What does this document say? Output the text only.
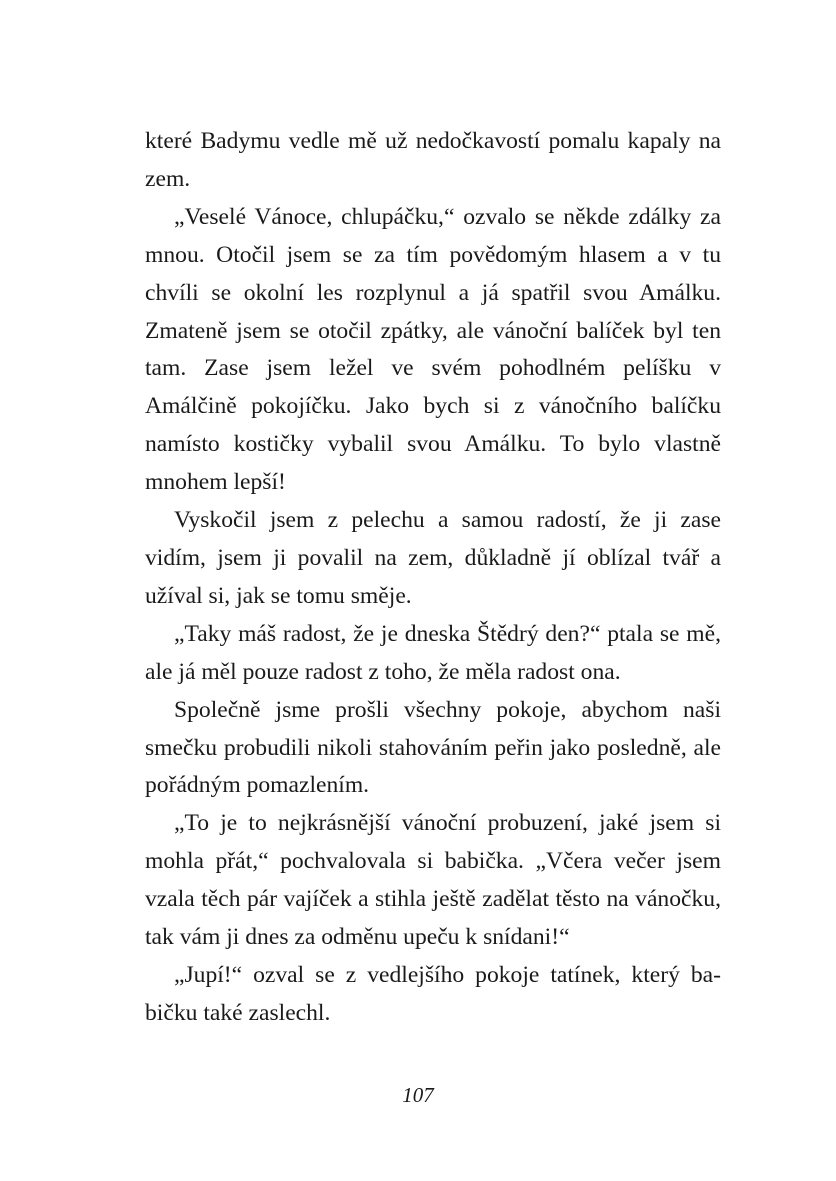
které Badymu vedle mě už nedočkavostí pomalu kapaly na zem.

„Veselé Vánoce, chlupáčku,“ ozvalo se někde zdálky za mnou. Otočil jsem se za tím povědomým hlasem a v tu chvíli se okolní les rozplynul a já spatřil svou Amálku. Zmateně jsem se otočil zpátky, ale vánoční balíček byl ten tam. Zase jsem ležel ve svém pohodlném pelíšku v Amálčině pokojíčku. Jako bych si z vánočního balíčku namísto kostičky vybalil svou Amálku. To bylo vlastně mnohem lepší!

Vyskočil jsem z pelechu a samou radostí, že ji zase vidím, jsem ji povalil na zem, důkladně jí oblízal tvář a užíval si, jak se tomu směje.

„Taky máš radost, že je dneska Štědrý den?“ ptala se mě, ale já měl pouze radost z toho, že měla radost ona.

Společně jsme prošli všechny pokoje, abychom naši smečku probudili nikoli stahováním peřin jako posledně, ale pořádným pomazlením.

„To je to nejkrásnější vánoční probuzení, jaké jsem si mohla přát,“ pochvalovala si babička. „Včera večer jsem vzala těch pár vajíček a stihla ještě zadělat těsto na vánočku, tak vám ji dnes za odměnu upeču k snídani!“

„Jupí!“ ozval se z vedlejšího pokoje tatínek, který babičku také zaslechl.

107
